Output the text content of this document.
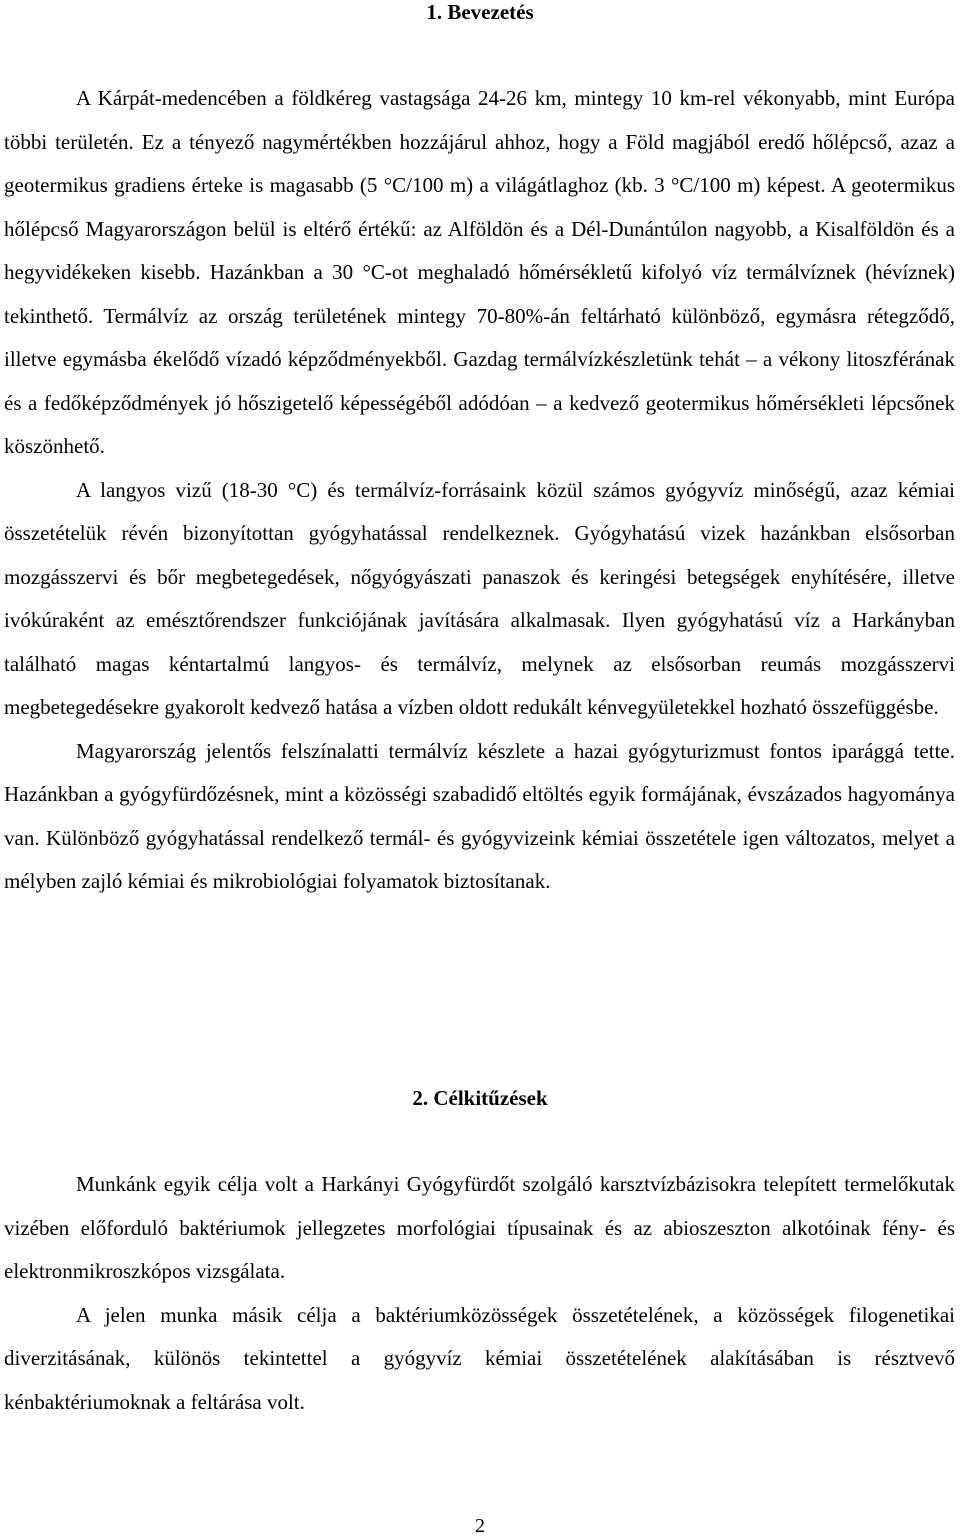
1. Bevezetés

A Kárpát-medencében a földkéreg vastagsága 24-26 km, mintegy 10 km-rel vékonyabb, mint Európa többi területén. Ez a tényező nagymértékben hozzájárul ahhoz, hogy a Föld magjából eredő hőlépcső, azaz a geotermikus gradiens érteke is magasabb (5 °C/100 m) a világátlaghoz (kb. 3 °C/100 m) képest. A geotermikus hőlépcső Magyarországon belül is eltérő értékű: az Alföldön és a Dél-Dunántúlon nagyobb, a Kisalföldön és a hegyvidékeken kisebb. Hazánkban a 30 °C-ot meghaladó hőmérsékletű kifolyó víz termálvíznek (hévíznek) tekinthető. Termálvíz az ország területének mintegy 70-80%-án feltárható különböző, egymásra rétegződő, illetve egymásba ékelődő vízadó képződményekből. Gazdag termálvízkészletünk tehát – a vékony litoszférának és a fedőképződmények jó hőszigetelő képességéből adódóan – a kedvező geotermikus hőmérsékleti lépcsőnek köszönhető.

A langyos vizű (18-30 °C) és termálvíz-forrásaink közül számos gyógyvíz minőségű, azaz kémiai összetételük révén bizonyítottan gyógyhatással rendelkeznek. Gyógyhatású vizek hazánkban elsősorban mozgásszervi és bőr megbetegedések, nőgyógyászati panaszok és keringési betegségek enyhítésére, illetve ivókúraként az emésztőrendszer funkciójának javítására alkalmasak. Ilyen gyógyhatású víz a Harkányban található magas kéntartalmú langyos- és termálvíz, melynek az elsősorban reumás mozgásszervi megbetegedésekre gyakorolt kedvező hatása a vízben oldott redukált kénvegyületekkel hozható összefüggésbe.

Magyarország jelentős felszínalatti termálvíz készlete a hazai gyógyturizmust fontos iparággá tette. Hazánkban a gyógyfürdőzésnek, mint a közösségi szabadidő eltöltés egyik formájának, évszázados hagyománya van. Különböző gyógyhatással rendelkező termál- és gyógyvizeink kémiai összetétele igen változatos, melyet a mélyben zajló kémiai és mikrobiológiai folyamatok biztosítanak.

2. Célkitűzések

Munkánk egyik célja volt a Harkányi Gyógyfürdőt szolgáló karsztvízbázisokra telepített termelőkutak vizében előforduló baktériumok jellegzetes morfológiai típusainak és az abioszeszton alkotóinak fény- és elektronmikroszkópos vizsgálata.

A jelen munka másik célja a baktériumközösségek összetételének, a közösségek filogenetikai diverzitásának, különös tekintettel a gyógyvíz kémiai összetételének alakításában is résztvevő kénbaktériumoknak a feltárása volt.

2
